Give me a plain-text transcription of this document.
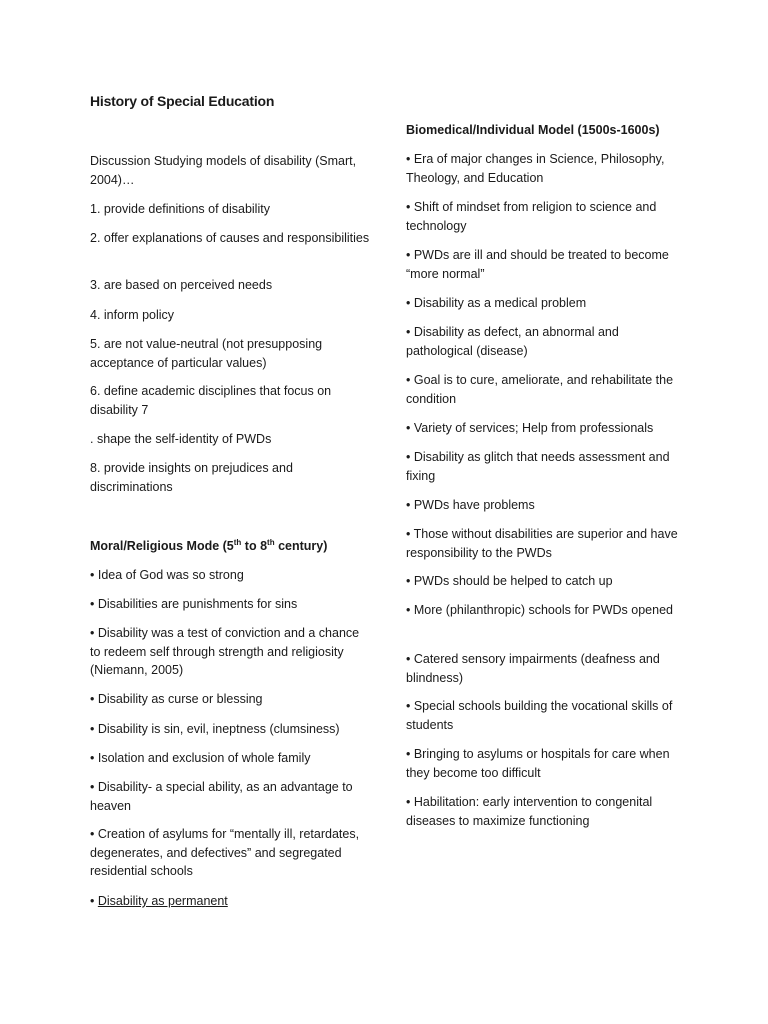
History of Special Education

Discussion Studying models of disability (Smart, 2004)…

1. provide definitions of disability

2. offer explanations of causes and responsibilities

3. are based on perceived needs

4. inform policy

5. are not value-neutral (not presupposing acceptance of particular values)

6. define academic disciplines that focus on disability 7

. shape the self-identity of PWDs

8. provide insights on prejudices and discriminations

Moral/Religious Mode (5th to 8th century)

• Idea of God was so strong

• Disabilities are punishments for sins

• Disability was a test of conviction and a chance to redeem self through strength and religiosity (Niemann, 2005)

• Disability as curse or blessing

• Disability is sin, evil, ineptness (clumsiness)

• Isolation and exclusion of whole family

• Disability- a special ability, as an advantage to heaven

• Creation of asylums for “mentally ill, retardates, degenerates, and defectives” and segregated residential schools

• Disability as permanent

Biomedical/Individual Model (1500s-1600s)

• Era of major changes in Science, Philosophy, Theology, and Education

• Shift of mindset from religion to science and technology

• PWDs are ill and should be treated to become “more normal”

• Disability as a medical problem

• Disability as defect, an abnormal and pathological (disease)

• Goal is to cure, ameliorate, and rehabilitate the condition

• Variety of services; Help from professionals

• Disability as glitch that needs assessment and fixing

• PWDs have problems

• Those without disabilities are superior and have responsibility to the PWDs

• PWDs should be helped to catch up

• More (philanthropic) schools for PWDs opened

• Catered sensory impairments (deafness and blindness)

• Special schools building the vocational skills of students

• Bringing to asylums or hospitals for care when they become too difficult

• Habilitation: early intervention to congenital diseases to maximize functioning
